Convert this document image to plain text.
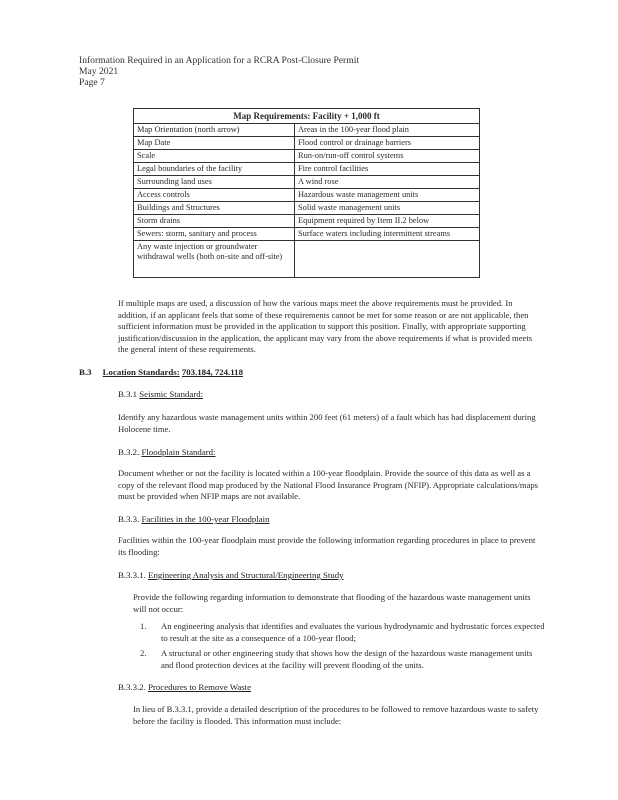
Information Required in an Application for a RCRA Post-Closure Permit
May 2021
Page 7
Map Requirements: Facility + 1,000 ft	
Map Orientation (north arrow)	Areas in the 100-year flood plain
Map Date	Flood control or drainage barriers
Scale	Run-on/run-off control systems
Legal boundaries of the facility	Fire control facilities
Surrounding land uses	A wind rose
Access controls	Hazardous waste management units
Buildings and Structures	Solid waste management units
Storm drains	Equipment required by Item II.2 below
Sewers: storm, sanitary and process	Surface waters including intermittent streams
Any waste injection or groundwater withdrawal wells (both on-site and off-site)	
If multiple maps are used, a discussion of how the various maps meet the above requirements must be provided. In addition, if an applicant feels that some of these requirements cannot be met for some reason or are not applicable, then sufficient information must be provided in the application to support this position. Finally, with appropriate supporting justification/discussion in the application, the applicant may vary from the above requirements if what is provided meets the general intent of these requirements.
B.3 Location Standards: 703.184, 724.118
B.3.1 Seismic Standard:
Identify any hazardous waste management units within 200 feet (61 meters) of a fault which has had displacement during Holocene time.
B.3.2. Floodplain Standard:
Document whether or not the facility is located within a 100-year floodplain. Provide the source of this data as well as a copy of the relevant flood map produced by the National Flood Insurance Program (NFIP). Appropriate calculations/maps must be provided when NFIP maps are not available.
B.3.3. Facilities in the 100-year Floodplain
Facilities within the 100-year floodplain must provide the following information regarding procedures in place to prevent its flooding:
B.3.3.1. Engineering Analysis and Structural/Engineering Study
Provide the following regarding information to demonstrate that flooding of the hazardous waste management units will not occur:
1. An engineering analysis that identifies and evaluates the various hydrodynamic and hydrostatic forces expected to result at the site as a consequence of a 100-year flood;
2. A structural or other engineering study that shows how the design of the hazardous waste management units and flood protection devices at the facility will prevent flooding of the units.
B.3.3.2. Procedures to Remove Waste
In lieu of B.3.3.1, provide a detailed description of the procedures to be followed to remove hazardous waste to safety before the facility is flooded. This information must include:
